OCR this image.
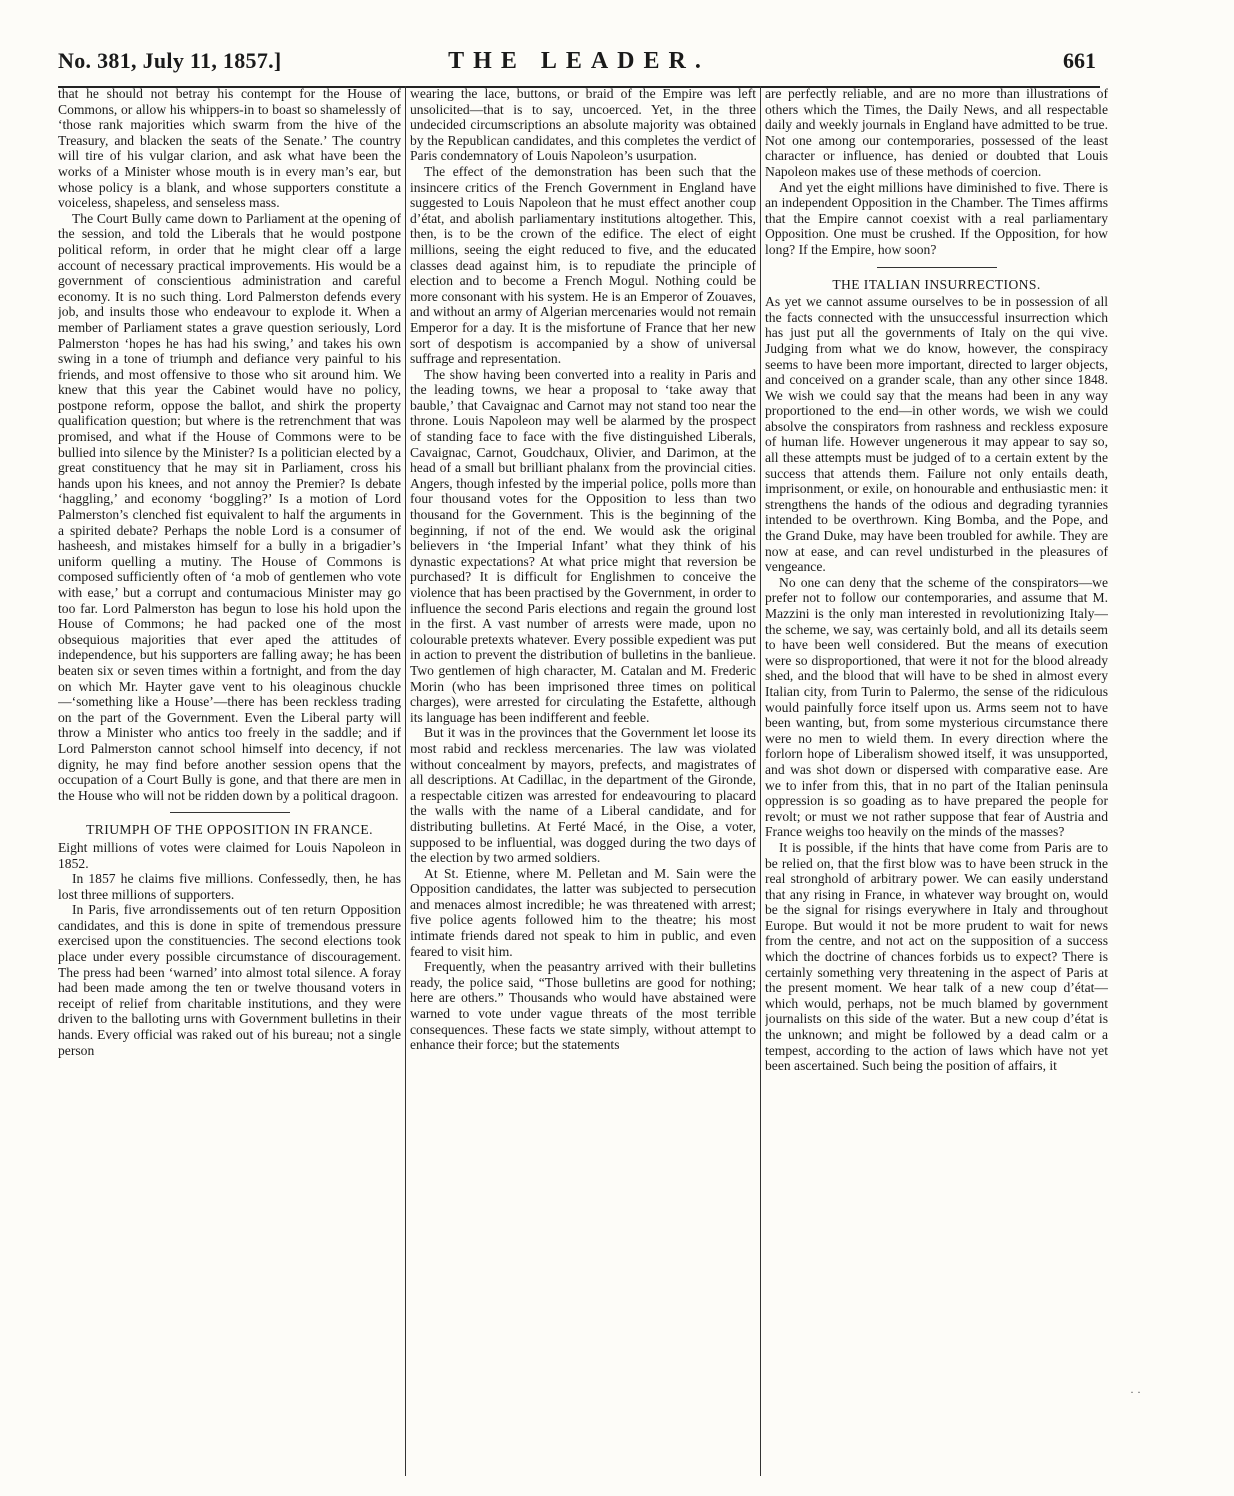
No. 381, July 11, 1857.]	THE LEADER.	661

that he should not betray his contempt for the House of Commons, or allow his whippers-in to boast so shamelessly of ‘those rank majorities which swarm from the hive of the Treasury, and blacken the seats of the Senate.’ The country will tire of his vulgar clarion, and ask what have been the works of a Minister whose mouth is in every man’s ear, but whose policy is a blank, and whose supporters constitute a voiceless, shapeless, and senseless mass.

The Court Bully came down to Parliament at the opening of the session, and told the Liberals that he would postpone political reform, in order that he might clear off a large account of necessary practical improvements. His would be a government of conscientious administration and careful economy. It is no such thing. Lord Palmerston defends every job, and insults those who endeavour to explode it. When a member of Parliament states a grave question seriously, Lord Palmerston ‘hopes he has had his swing,’ and takes his own swing in a tone of triumph and defiance very painful to his friends, and most offensive to those who sit around him. We knew that this year the Cabinet would have no policy, postpone reform, oppose the ballot, and shirk the property qualification question; but where is the retrenchment that was promised, and what if the House of Commons were to be bullied into silence by the Minister? Is a politician elected by a great constituency that he may sit in Parliament, cross his hands upon his knees, and not annoy the Premier? Is debate ‘haggling,’ and economy ‘boggling?’ Is a motion of Lord Palmerston’s clenched fist equivalent to half the arguments in a spirited debate? Perhaps the noble Lord is a consumer of hasheesh, and mistakes himself for a bully in a brigadier’s uniform quelling a mutiny. The House of Commons is composed sufficiently often of ‘a mob of gentlemen who vote with ease,’ but a corrupt and contumacious Minister may go too far. Lord Palmerston has begun to lose his hold upon the House of Commons; he had packed one of the most obsequious majorities that ever aped the attitudes of independence, but his supporters are falling away; he has been beaten six or seven times within a fortnight, and from the day on which Mr. Hayter gave vent to his oleaginous chuckle—‘something like a House’—there has been reckless trading on the part of the Government. Even the Liberal party will throw a Minister who antics too freely in the saddle; and if Lord Palmerston cannot school himself into decency, if not dignity, he may find before another session opens that the occupation of a Court Bully is gone, and that there are men in the House who will not be ridden down by a political dragoon.

TRIUMPH OF THE OPPOSITION IN FRANCE.

Eight millions of votes were claimed for Louis Napoleon in 1852.

In 1857 he claims five millions. Confessedly, then, he has lost three millions of supporters.

In Paris, five arrondissements out of ten return Opposition candidates, and this is done in spite of tremendous pressure exercised upon the constituencies. The second elections took place under every possible circumstance of discouragement. The press had been ‘warned’ into almost total silence. A foray had been made among the ten or twelve thousand voters in receipt of relief from charitable institutions, and they were driven to the balloting urns with Government bulletins in their hands. Every official was raked out of his bureau; not a single person

wearing the lace, buttons, or braid of the Empire was left unsolicited—that is to say, uncoerced. Yet, in the three undecided circumscriptions an absolute majority was obtained by the Republican candidates, and this completes the verdict of Paris condemnatory of Louis Napoleon’s usurpation.

The effect of the demonstration has been such that the insincere critics of the French Government in England have suggested to Louis Napoleon that he must effect another coup d’état, and abolish parliamentary institutions altogether. This, then, is to be the crown of the edifice. The elect of eight millions, seeing the eight reduced to five, and the educated classes dead against him, is to repudiate the principle of election and to become a French Mogul. Nothing could be more consonant with his system. He is an Emperor of Zouaves, and without an army of Algerian mercenaries would not remain Emperor for a day. It is the misfortune of France that her new sort of despotism is accompanied by a show of universal suffrage and representation.

The show having been converted into a reality in Paris and the leading towns, we hear a proposal to ‘take away that bauble,’ that Cavaignac and Carnot may not stand too near the throne. Louis Napoleon may well be alarmed by the prospect of standing face to face with the five distinguished Liberals, Cavaignac, Carnot, Goudchaux, Olivier, and Darimon, at the head of a small but brilliant phalanx from the provincial cities. Angers, though infested by the imperial police, polls more than four thousand votes for the Opposition to less than two thousand for the Government. This is the beginning of the beginning, if not of the end. We would ask the original believers in ‘the Imperial Infant’ what they think of his dynastic expectations? At what price might that reversion be purchased? It is difficult for Englishmen to conceive the violence that has been practised by the Government, in order to influence the second Paris elections and regain the ground lost in the first. A vast number of arrests were made, upon no colourable pretexts whatever. Every possible expedient was put in action to prevent the distribution of bulletins in the banlieue. Two gentlemen of high character, M. Catalan and M. Frederic Morin (who has been imprisoned three times on political charges), were arrested for circulating the Estafette, although its language has been indifferent and feeble.

But it was in the provinces that the Government let loose its most rabid and reckless mercenaries. The law was violated without concealment by mayors, prefects, and magistrates of all descriptions. At Cadillac, in the department of the Gironde, a respectable citizen was arrested for endeavouring to placard the walls with the name of a Liberal candidate, and for distributing bulletins. At Ferté Macé, in the Oise, a voter, supposed to be influential, was dogged during the two days of the election by two armed soldiers.

At St. Etienne, where M. Pelletan and M. Sain were the Opposition candidates, the latter was subjected to persecution and menaces almost incredible; he was threatened with arrest; five police agents followed him to the theatre; his most intimate friends dared not speak to him in public, and even feared to visit him.

Frequently, when the peasantry arrived with their bulletins ready, the police said, “Those bulletins are good for nothing; here are others.” Thousands who would have abstained were warned to vote under vague threats of the most terrible consequences. These facts we state simply, without attempt to enhance their force; but the statements

are perfectly reliable, and are no more than illustrations of others which the Times, the Daily News, and all respectable daily and weekly journals in England have admitted to be true. Not one among our contemporaries, possessed of the least character or influence, has denied or doubted that Louis Napoleon makes use of these methods of coercion.

And yet the eight millions have diminished to five. There is an independent Opposition in the Chamber. The Times affirms that the Empire cannot coexist with a real parliamentary Opposition. One must be crushed. If the Opposition, for how long? If the Empire, how soon?

THE ITALIAN INSURRECTIONS.

As yet we cannot assume ourselves to be in possession of all the facts connected with the unsuccessful insurrection which has just put all the governments of Italy on the qui vive. Judging from what we do know, however, the conspiracy seems to have been more important, directed to larger objects, and conceived on a grander scale, than any other since 1848. We wish we could say that the means had been in any way proportioned to the end—in other words, we wish we could absolve the conspirators from rashness and reckless exposure of human life. However ungenerous it may appear to say so, all these attempts must be judged of to a certain extent by the success that attends them. Failure not only entails death, imprisonment, or exile, on honourable and enthusiastic men: it strengthens the hands of the odious and degrading tyrannies intended to be overthrown. King Bomba, and the Pope, and the Grand Duke, may have been troubled for awhile. They are now at ease, and can revel undisturbed in the pleasures of vengeance.

No one can deny that the scheme of the conspirators—we prefer not to follow our contemporaries, and assume that M. Mazzini is the only man interested in revolutionizing Italy—the scheme, we say, was certainly bold, and all its details seem to have been well considered. But the means of execution were so disproportioned, that were it not for the blood already shed, and the blood that will have to be shed in almost every Italian city, from Turin to Palermo, the sense of the ridiculous would painfully force itself upon us. Arms seem not to have been wanting, but, from some mysterious circumstance there were no men to wield them. In every direction where the forlorn hope of Liberalism showed itself, it was unsupported, and was shot down or dispersed with comparative ease. Are we to infer from this, that in no part of the Italian peninsula oppression is so goading as to have prepared the people for revolt; or must we not rather suppose that fear of Austria and France weighs too heavily on the minds of the masses?

It is possible, if the hints that have come from Paris are to be relied on, that the first blow was to have been struck in the real stronghold of arbitrary power. We can easily understand that any rising in France, in whatever way brought on, would be the signal for risings everywhere in Italy and throughout Europe. But would it not be more prudent to wait for news from the centre, and not act on the supposition of a success which the doctrine of chances forbids us to expect? There is certainly something very threatening in the aspect of Paris at the present moment. We hear talk of a new coup d’état—which would, perhaps, not be much blamed by government journalists on this side of the water. But a new coup d’état is the unknown; and might be followed by a dead calm or a tempest, according to the action of laws which have not yet been ascertained. Such being the position of affairs, it

· ·
